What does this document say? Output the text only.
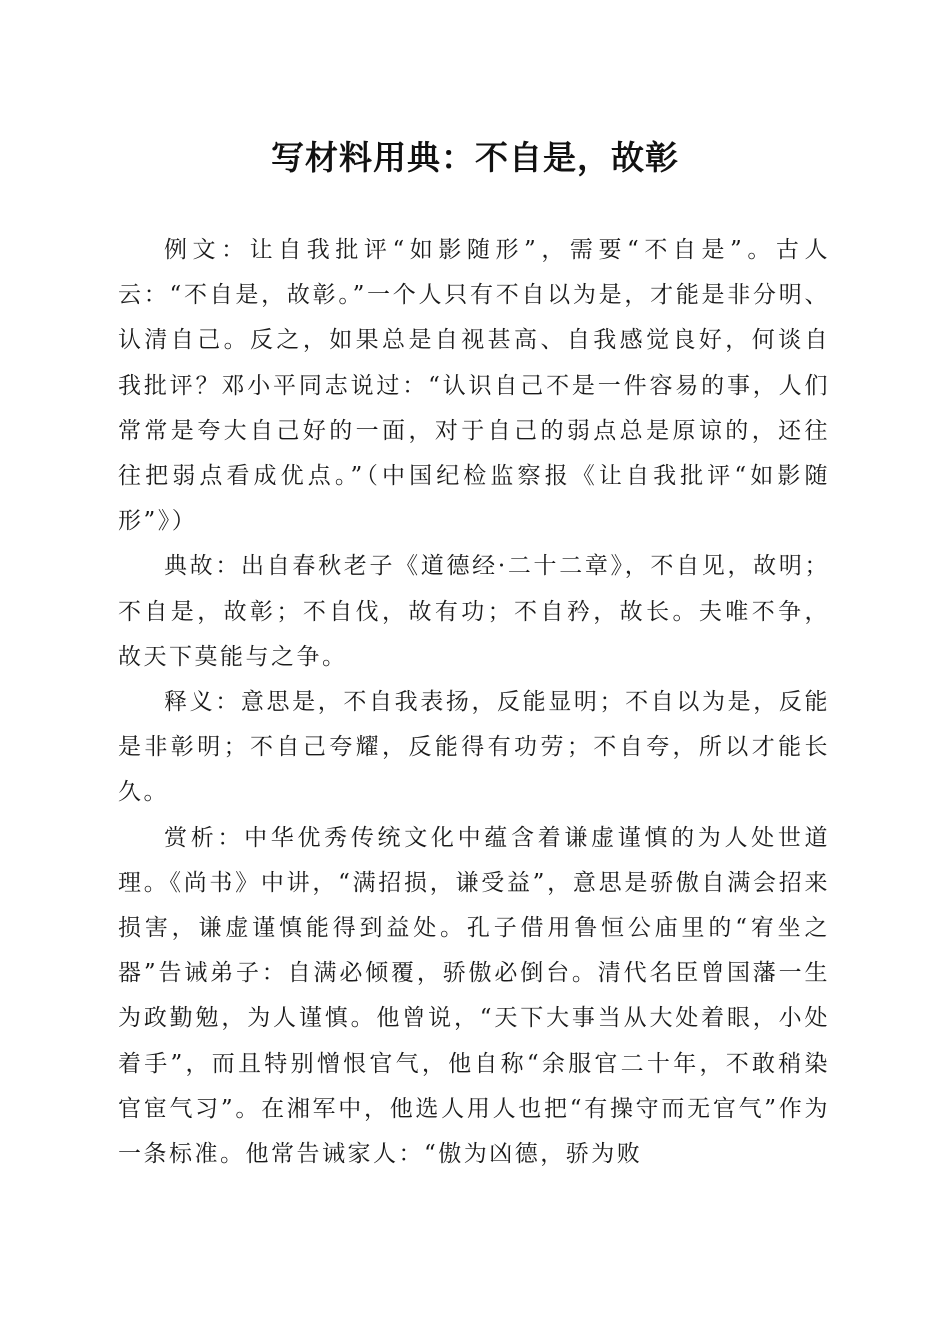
写材料用典：不自是，故彰

例文：让自我批评“如影随形”，需要“不自是”。古人云：“不自是，故彰。”一个人只有不自以为是，才能是非分明、认清自己。反之，如果总是自视甚高、自我感觉良好，何谈自我批评？邓小平同志说过：“认识自己不是一件容易的事，人们常常是夸大自己好的一面，对于自己的弱点总是原谅的，还往往把弱点看成优点。”（中国纪检监察报《让自我批评“如影随形”》）

典故：出自春秋老子《道德经·二十二章》，不自见，故明；不自是，故彰；不自伐，故有功；不自矜，故长。夫唯不争，故天下莫能与之争。

释义：意思是，不自我表扬，反能显明；不自以为是，反能是非彰明；不自己夸耀，反能得有功劳；不自夸，所以才能长久。

赏析：中华优秀传统文化中蕴含着谦虚谨慎的为人处世道理。《尚书》中讲，“满招损，谦受益”，意思是骄傲自满会招来损害，谦虚谨慎能得到益处。孔子借用鲁恒公庙里的“宥坐之器”告诫弟子：自满必倾覆，骄傲必倒台。清代名臣曾国藩一生为政勤勉，为人谨慎。他曾说，“天下大事当从大处着眼，小处着手”，而且特别憎恨官气，他自称“余服官二十年，不敢稍染官宦气习”。在湘军中，他选人用人也把“有操守而无官气”作为一条标准。他常告诫家人：“傲为凶德，骄为败
